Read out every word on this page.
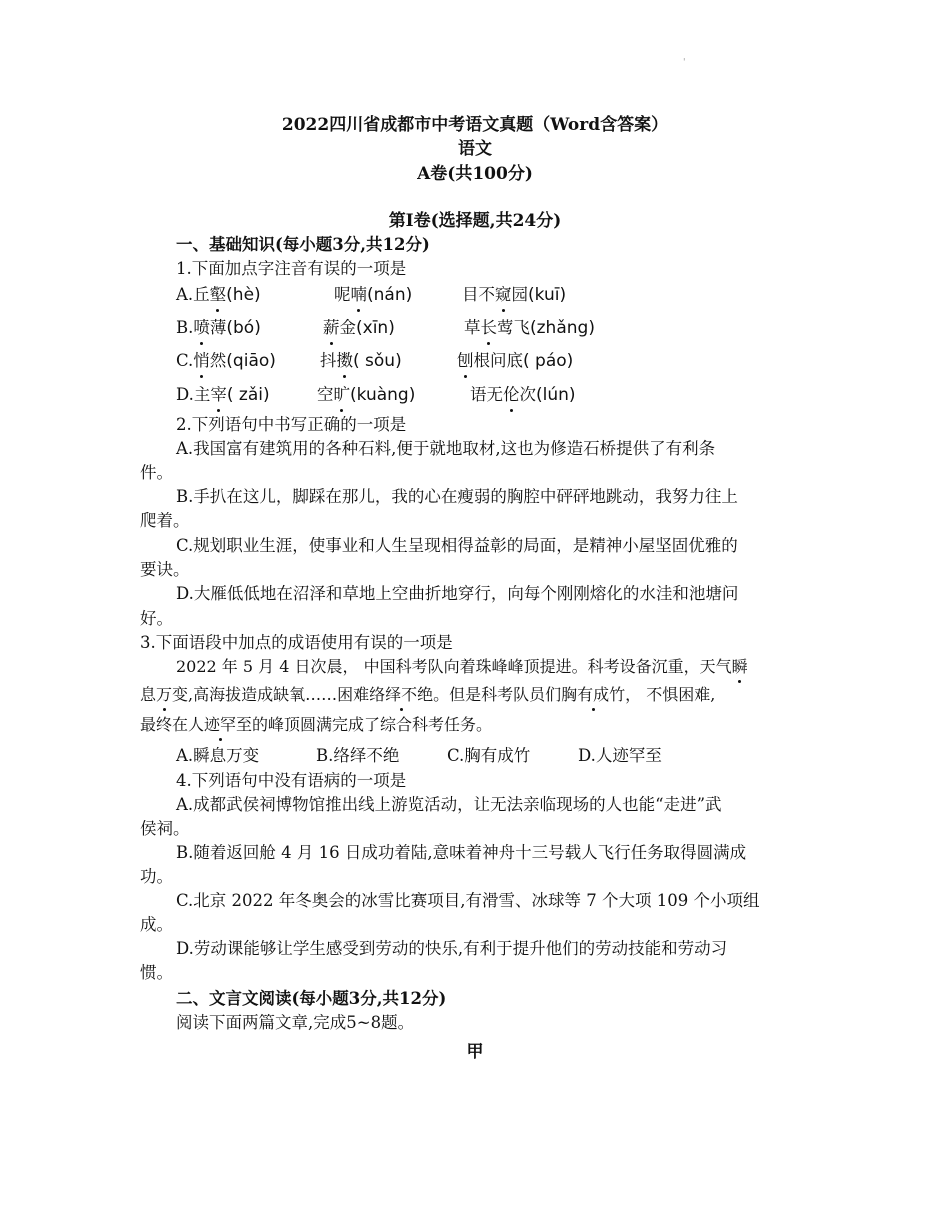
'
2022四川省成都市中考语文真题（Word含答案）
语文
A卷(共100分)
第Ⅰ卷(选择题,共24分)
一、基础知识(每小题3分,共12分)
1.下面加点字注音有误的一项是
A.丘壑(hè)	呢喃(nán)	目不窥园(kuī)
B.喷薄(bó)	薪金(xīn)	草长莺飞(zhǎng)
C.悄然(qiāo)	抖擞( sǒu)	刨根问底( páo)
D.主宰( zǎi)	空旷(kuàng)	语无伦次(lún)
2.下列语句中书写正确的一项是
A.我国富有建筑用的各种石料,便于就地取材,这也为修造石桥提供了有利条
件。
B.手扒在这儿，脚踩在那儿，我的心在瘦弱的胸腔中砰砰地跳动，我努力往上
爬着。
C.规划职业生涯，使事业和人生呈现相得益彰的局面，是精神小屋坚固优雅的
要诀。
D.大雁低低地在沼泽和草地上空曲折地穿行，向每个刚刚熔化的水洼和池塘问
好。
3.下面语段中加点的成语使用有误的一项是
2022 年 5 月 4 日次晨， 中国科考队向着珠峰峰顶提进。科考设备沉重，天气瞬
息万变,高海拔造成缺氧……困难络绎不绝。但是科考队员们胸有成竹， 不惧困难,
最终在人迹罕至的峰顶圆满完成了综合科考任务。
A.瞬息万变	B.络绎不绝	C.胸有成竹	D.人迹罕至
4.下列语句中没有语病的一项是
A.成都武侯祠博物馆推出线上游览活动，让无法亲临现场的人也能“走进”武
侯祠。
B.随着返回舱 4 月 16 日成功着陆,意味着神舟十三号载人飞行任务取得圆满成
功。
C.北京 2022 年冬奥会的冰雪比赛项目,有滑雪、冰球等 7 个大项 109 个小项组
成。
D.劳动课能够让学生感受到劳动的快乐,有利于提升他们的劳动技能和劳动习
惯。
二、文言文阅读(每小题3分,共12分)
阅读下面两篇文章,完成5~8题。
甲
